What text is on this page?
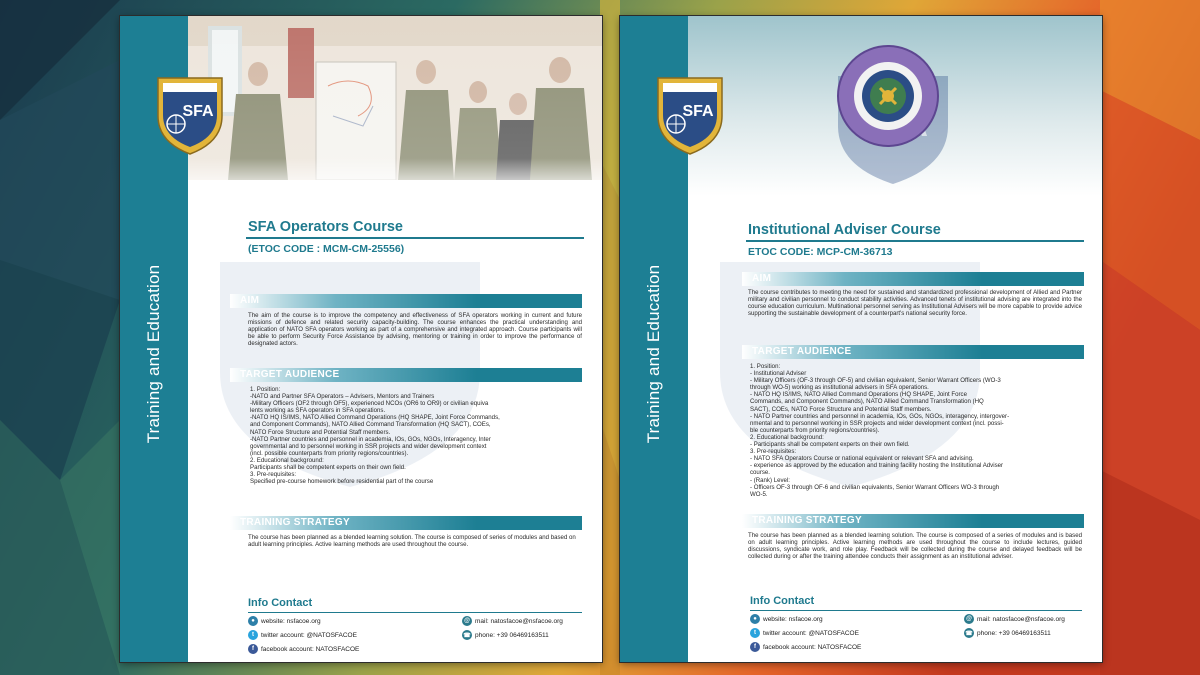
Training and Education
SFA
SFA Operators Course
(ETOC CODE : MCM-CM-25556)
AIM
The aim of the course is to improve the competency and effectiveness of SFA operators working in current and future missions of defence and related security capacity-building. The course enhances the practical understanding and application of NATO SFA operators working as part of a comprehensive and integrated approach. Course participants will be able to perform Security Force Assistance by advising, mentoring or training in order to improve the performance of designated actors.
TARGET AUDIENCE

1. Position:

-NATO and Partner SFA Operators – Advisers, Mentors and Trainers

-Military Officers (OF2 through OF5), experienced NCOs (OR6 to OR9) or civilian equiva

lents working as SFA operators in SFA operations.

-NATO HQ IS/IMS, NATO Allied Command Operations (HQ SHAPE, Joint Force Commands,

and Component Commands), NATO Allied Command Transformation (HQ SACT), COEs,

NATO Force Structure and Potential Staff members.

-NATO Partner countries and personnel in academia, IOs, GOs, NGOs, Interagency, Inter

governmental and to personnel working in SSR projects and wider development context

(incl. possible counterparts from priority regions/countries).

2. Educational background:

Participants shall be competent experts on their own field.

3. Pre-requisites:

Specified pre-course homework before residential part of the course

TRAINING STRATEGY
The course has been planned as a blended learning solution. The course is composed of series of modules and based on adult learning principles. Active learning methods are used throughout the course.
Info Contact
● website: nsfacoe.org
t	twitter account: @NATOSFACOE
f	facebook account: NATOSFACOE
@ mail: natosfacoe@nsfacoe.org
☎ phone: +39 06469163511
Training and Education
SFA
Institutional Adviser Course
ETOC CODE: MCP-CM-36713
AIM
The course contributes to meeting the need for sustained and standardized professional development of Allied and Partner military and civilian personnel to conduct stability activities. Advanced tenets of institutional advising are integrated into the course education curriculum. Multinational personnel serving as Institutional Advisers will be more capable to provide advice supporting the sustainable development of a counterpart's national security force.
TARGET AUDIENCE

1. Position:

- Institutional Adviser

- Military Officers (OF-3 through OF-5) and civilian equivalent, Senior Warrant Officers (WO-3

through WO-5) working as institutional advisers in SFA operations.

- NATO HQ IS/IMS, NATO Allied Command Operations (HQ SHAPE, Joint Force

Commands, and Component Commands), NATO Allied Command Transformation (HQ

SACT), COEs, NATO Force Structure and Potential Staff members.

- NATO Partner countries and personnel in academia, IOs, GOs, NGOs, interagency, intergover-

nmental and to personnel working in SSR projects and wider development context (incl. possi-

ble counterparts from priority regions/countries).

2. Educational background:

- Participants shall be competent experts on their own field.

3. Pre-requisites:

- NATO SFA Operators Course or national equivalent or relevant SFA and advising.

- experience as approved by the education and training facility hosting the Institutional Adviser

course.

- (Rank) Level:

- Officers OF-3 through OF-6 and civilian equivalents, Senior Warrant Officers WO-3 through

WO-5.

TRAINING STRATEGY
The course has been planned as a blended learning solution. The course is composed of a series of modules and is based on adult learning principles. Active learning methods are used throughout the course to include lectures, guided discussions, syndicate work, and role play. Feedback will be collected during the course and delayed feedback will be collected during or after the training attendee conducts their assignment as an institutional adviser.
Info Contact
● website: nsfacoe.org
t	twitter account: @NATOSFACOE
f	facebook account: NATOSFACOE
@ mail: natosfacoe@nsfacoe.org
☎ phone: +39 06469163511
